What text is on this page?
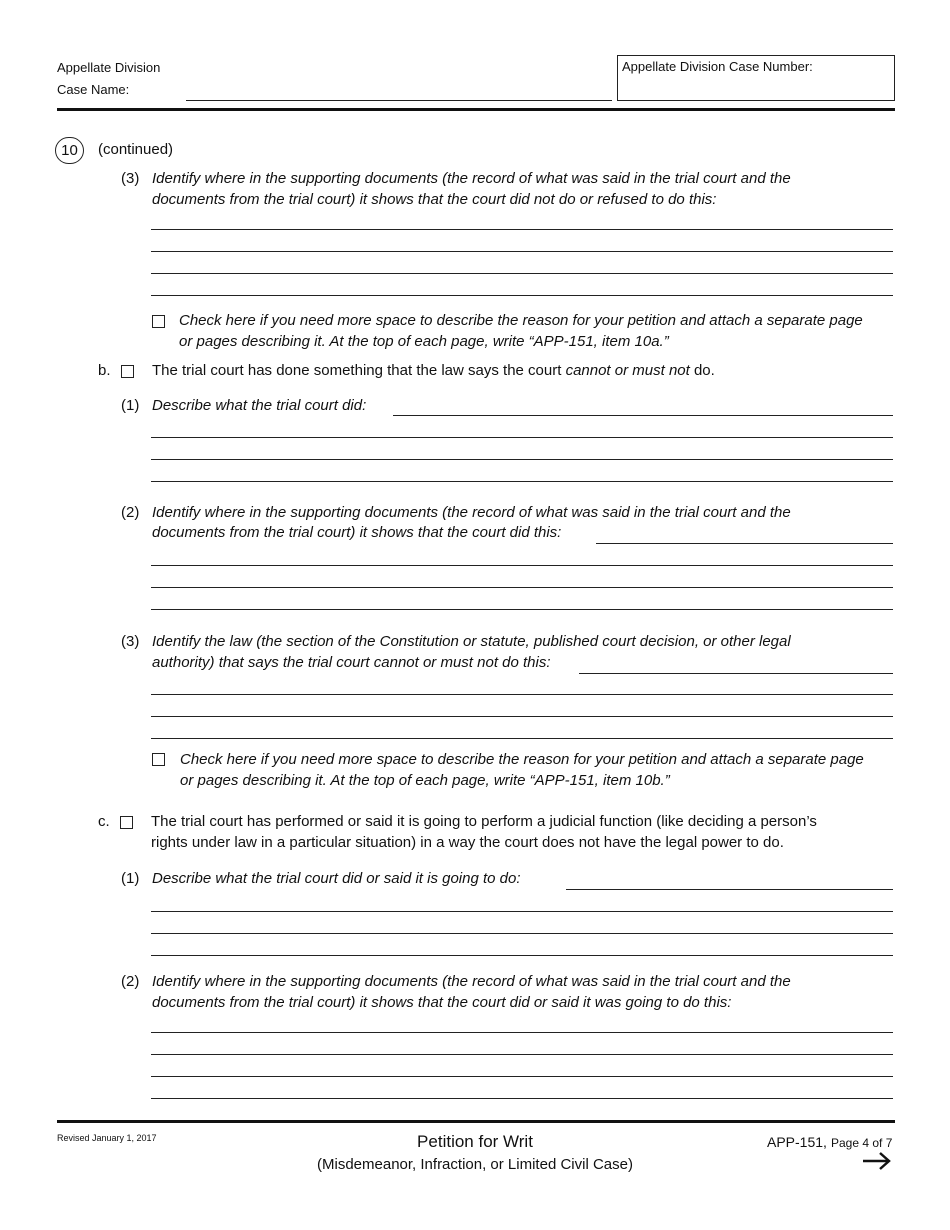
Appellate Division
Case Name:
Appellate Division Case Number:
10	(continued)
(3) Identify where in the supporting documents (the record of what was said in the trial court and the
documents from the trial court) it shows that the court did not do or refused to do this:
Check here if you need more space to describe the reason for your petition and attach a separate page
or pages describing it. At the top of each page, write “APP-151, item 10a.”
b.	The trial court has done something that the law says the court cannot or must not do.
(1) Describe what the trial court did:
(2) Identify where in the supporting documents (the record of what was said in the trial court and the
documents from the trial court) it shows that the court did this:
(3) Identify the law (the section of the Constitution or statute, published court decision, or other legal
authority) that says the trial court cannot or must not do this:
Check here if you need more space to describe the reason for your petition and attach a separate page
or pages describing it. At the top of each page, write “APP-151, item 10b.”
c.	The trial court has performed or said it is going to perform a judicial function (like deciding a person’s
rights under law in a particular situation) in a way the court does not have the legal power to do.
(1) Describe what the trial court did or said it is going to do:
(2) Identify where in the supporting documents (the record of what was said in the trial court and the
documents from the trial court) it shows that the court did or said it was going to do this:
Revised January 1, 2017	Petition for Writ
(Misdemeanor, Infraction, or Limited Civil Case)
APP-151, Page 4 of 7
